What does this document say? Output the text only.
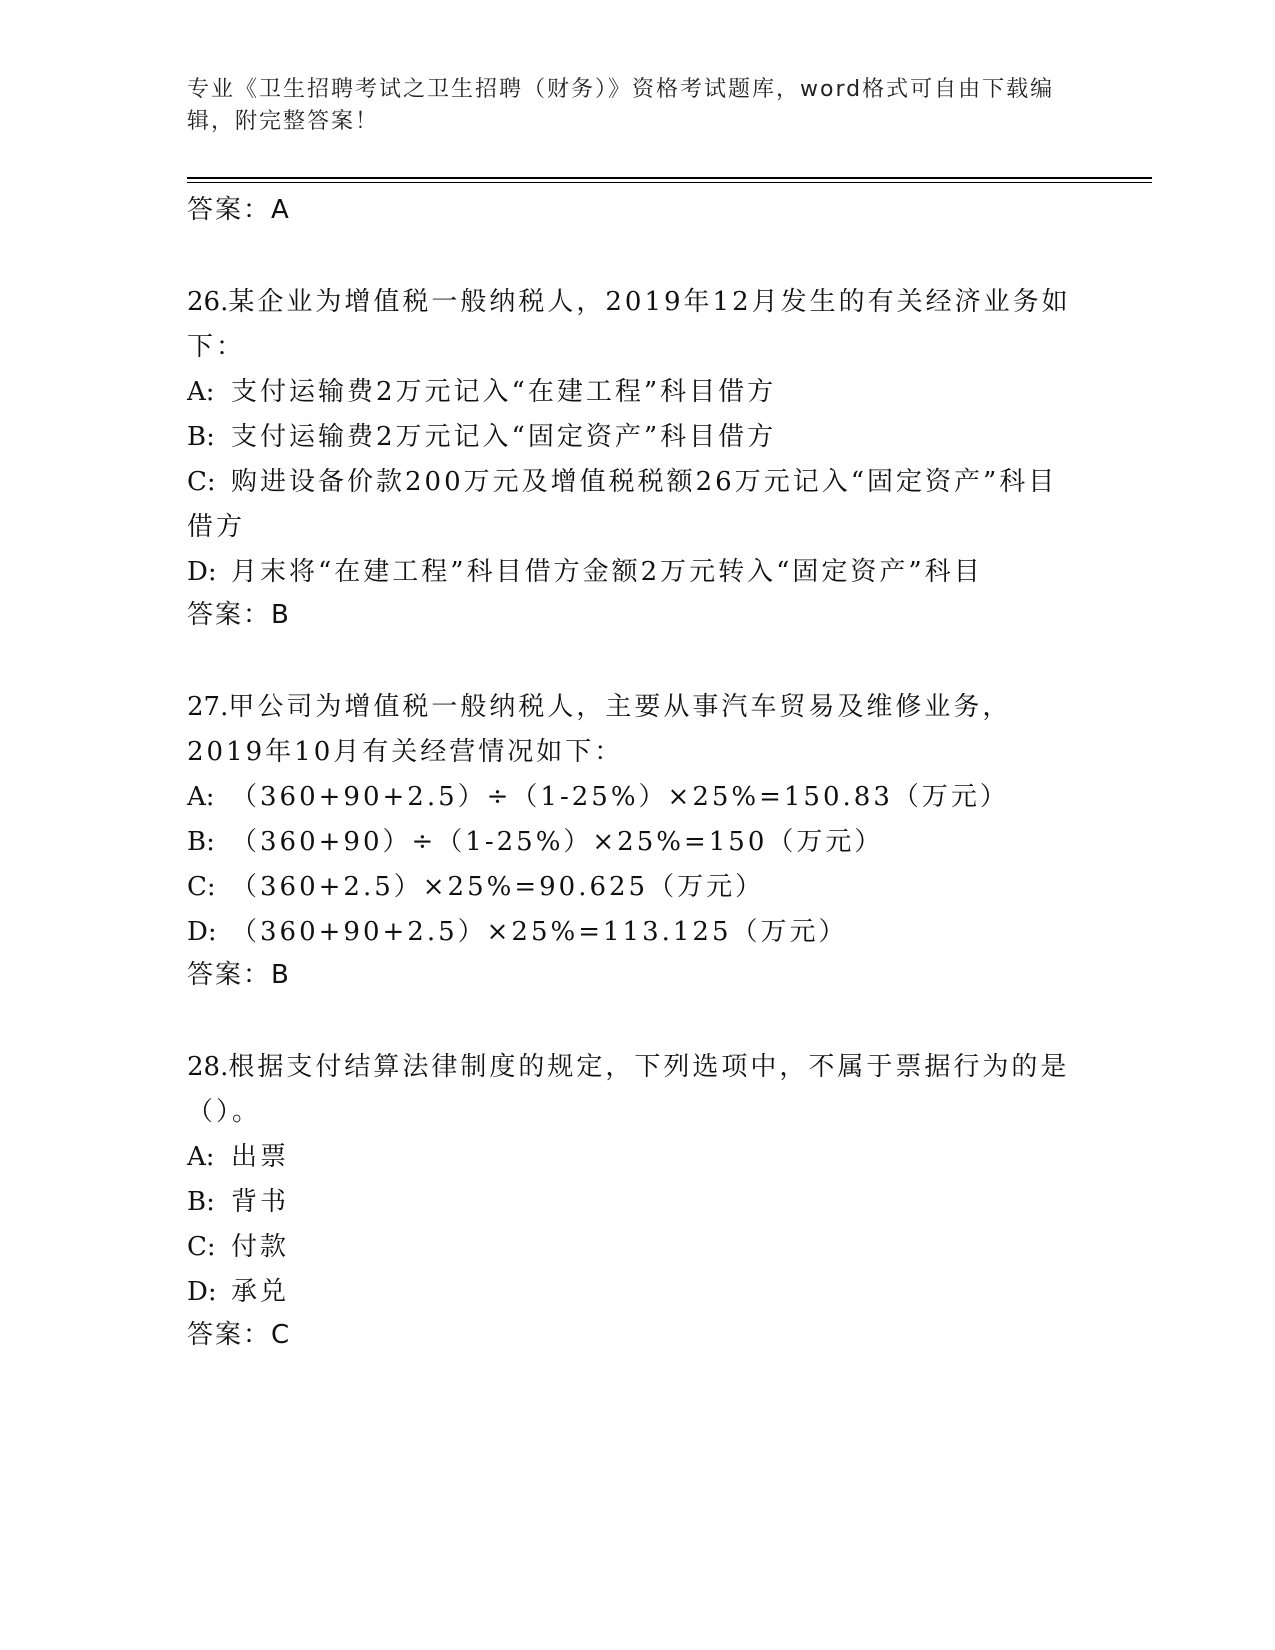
专业《卫生招聘考试之卫生招聘（财务）》资格考试题库，word格式可自由下载编辑，附完整答案！
答案：A
26.某企业为增值税一般纳税人，2019年12月发生的有关经济业务如下：
A: 支付运输费2万元记入“在建工程”科目借方
B: 支付运输费2万元记入“固定资产”科目借方
C: 购进设备价款200万元及增值税税额26万元记入“固定资产”科目借方
D: 月末将“在建工程”科目借方金额2万元转入“固定资产”科目
答案：B
27.甲公司为增值税一般纳税人，主要从事汽车贸易及维修业务，2019年10月有关经营情况如下：
A: （360+90+2.5）÷（1-25%）×25%=150.83（万元）
B: （360+90）÷（1-25%）×25%=150（万元）
C: （360+2.5）×25%=90.625（万元）
D: （360+90+2.5）×25%=113.125（万元）
答案：B
28.根据支付结算法律制度的规定，下列选项中，不属于票据行为的是（）。
A: 出票
B: 背书
C: 付款
D: 承兑
答案：C
